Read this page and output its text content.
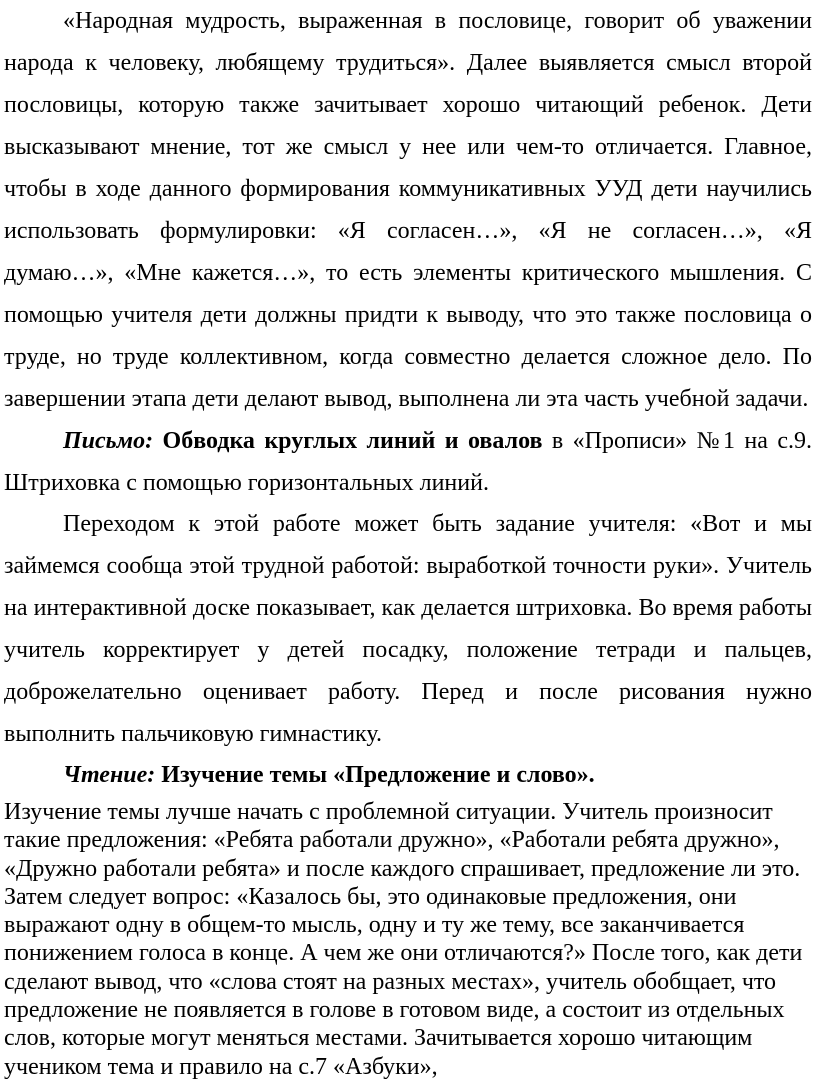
«Народная мудрость, выраженная в пословице, говорит об уважении народа к человеку, любящему трудиться». Далее выявляется смысл второй пословицы, которую также зачитывает хорошо читающий ребенок. Дети высказывают мнение, тот же смысл у нее или чем-то отличается. Главное, чтобы в ходе данного формирования коммуникативных УУД дети научились использовать формулировки: «Я согласен…», «Я не согласен…», «Я думаю…», «Мне кажется…», то есть элементы критического мышления. С помощью учителя дети должны придти к выводу, что это также пословица о труде, но труде коллективном, когда совместно делается сложное дело. По завершении этапа дети делают вывод, выполнена ли эта часть учебной задачи.

Письмо: Обводка круглых линий и овалов в «Прописи» №1 на с.9. Штриховка с помощью горизонтальных линий.

Переходом к этой работе может быть задание учителя: «Вот и мы займемся сообща этой трудной работой: выработкой точности руки». Учитель на интерактивной доске показывает, как делается штриховка. Во время работы учитель корректирует у детей посадку, положение тетради и пальцев, доброжелательно оценивает работу. Перед и после рисования нужно выполнить пальчиковую гимнастику.

Чтение: Изучение темы «Предложение и слово».

Изучение темы лучше начать с проблемной ситуации. Учитель произносит
такие предложения: «Ребята работали дружно», «Работали ребята дружно»,
«Дружно работали ребята» и после каждого спрашивает, предложение ли это.
Затем следует вопрос: «Казалось бы, это одинаковые предложения, они
выражают одну в общем-то мысль, одну и ту же тему, все заканчивается
понижением голоса в конце. А чем же они отличаются?» После того, как дети
сделают вывод, что «слова стоят на разных местах», учитель обобщает, что
предложение не появляется в голове в готовом виде, а состоит из отдельных
слов, которые могут меняться местами. Зачитывается хорошо читающим
учеником тема и правило на с.7 «Азбуки»,
